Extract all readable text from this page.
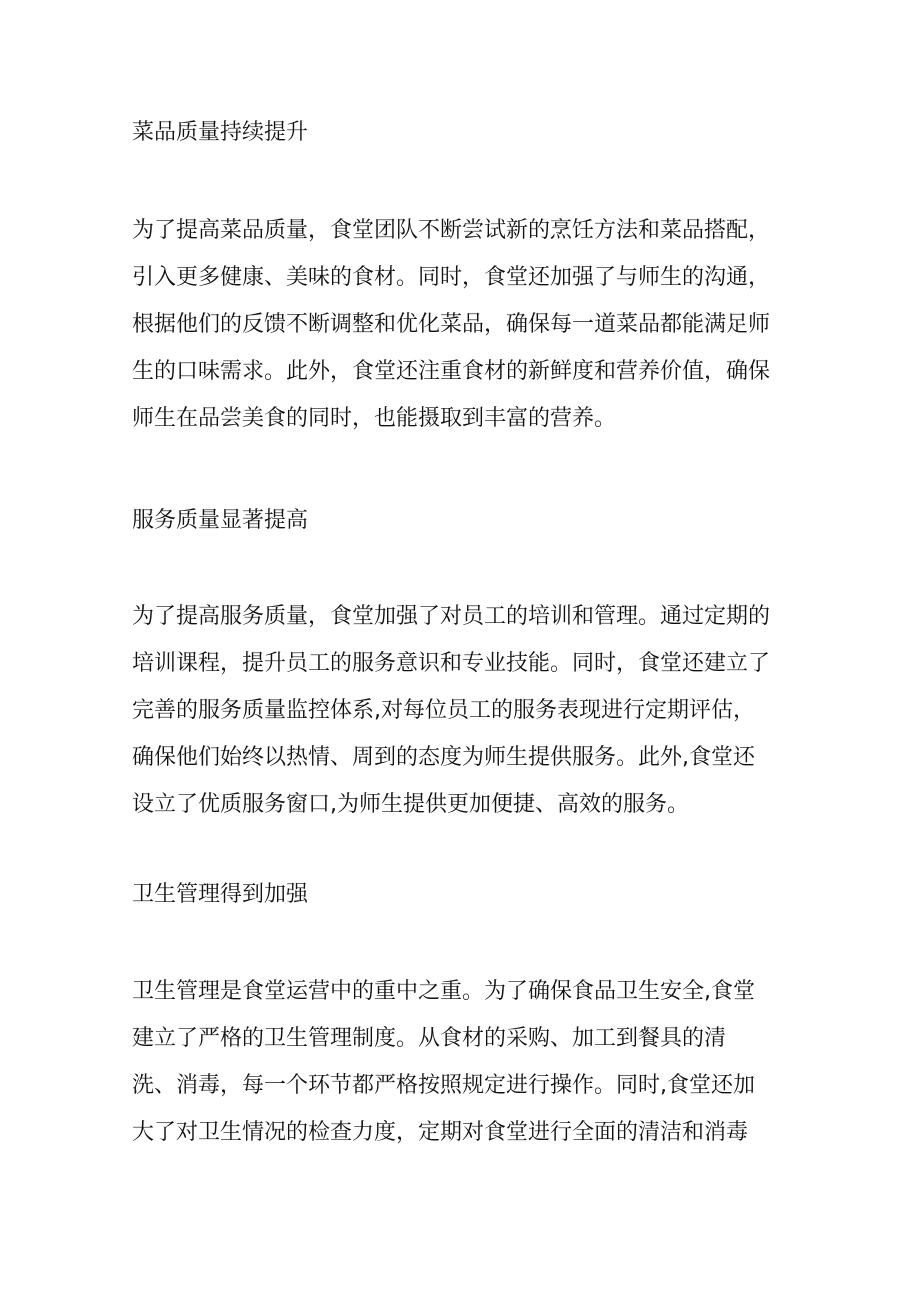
菜品质量持续提升
为了提高菜品质量，食堂团队不断尝试新的烹饪方法和菜品搭配，
引入更多健康、美味的食材。同时，食堂还加强了与师生的沟通，
根据他们的反馈不断调整和优化菜品，确保每一道菜品都能满足师
生的口味需求。此外，食堂还注重食材的新鲜度和营养价值，确保
师生在品尝美食的同时，也能摄取到丰富的营养。
服务质量显著提高
为了提高服务质量，食堂加强了对员工的培训和管理。通过定期的
培训课程，提升员工的服务意识和专业技能。同时，食堂还建立了
完善的服务质量监控体系,对每位员工的服务表现进行定期评估，
确保他们始终以热情、周到的态度为师生提供服务。此外,食堂还
设立了优质服务窗口,为师生提供更加便捷、高效的服务。
卫生管理得到加强
卫生管理是食堂运营中的重中之重。为了确保食品卫生安全,食堂
建立了严格的卫生管理制度。从食材的采购、加工到餐具的清
洗、消毒，每一个环节都严格按照规定进行操作。同时,食堂还加
大了对卫生情况的检查力度，定期对食堂进行全面的清洁和消毒
